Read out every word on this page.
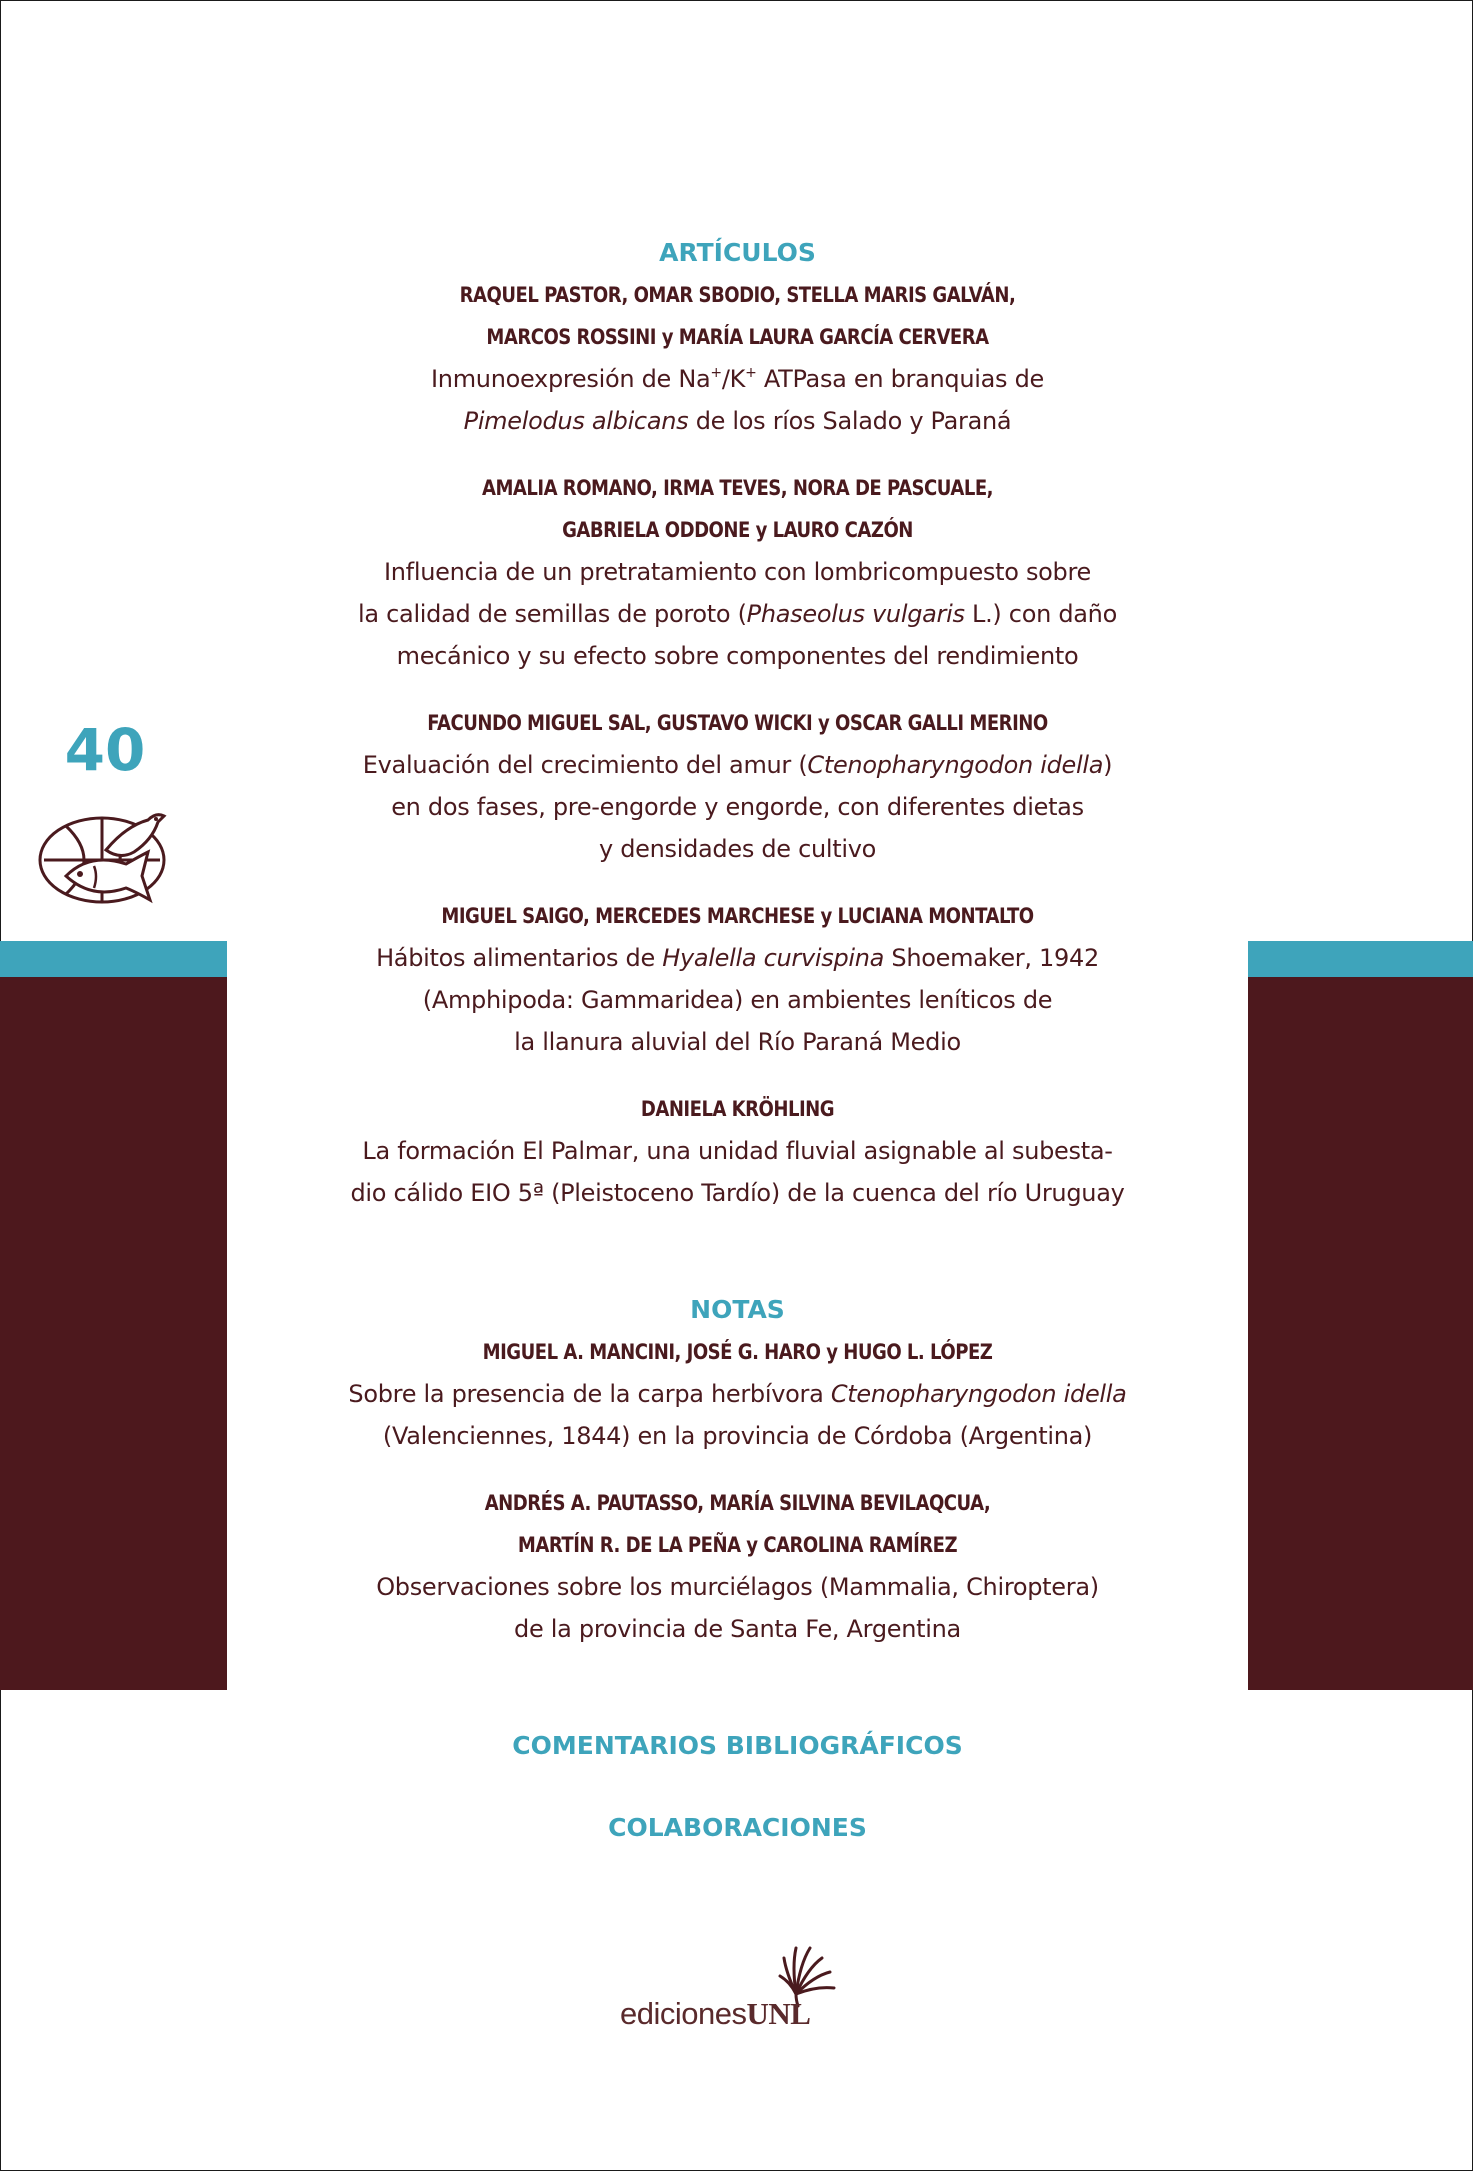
40
ARTÍCULOS
RAQUEL PASTOR, OMAR SBODIO, STELLA MARIS GALVÁN,
MARCOS ROSSINI y MARÍA LAURA GARCÍA CERVERA
Inmunoexpresión de Na+/K+ ATPasa en branquias de
Pimelodus albicans de los ríos Salado y Paraná
AMALIA ROMANO, IRMA TEVES, NORA DE PASCUALE,
GABRIELA ODDONE y LAURO CAZÓN
Influencia de un pretratamiento con lombricompuesto sobre
la calidad de semillas de poroto (Phaseolus vulgaris L.) con daño
mecánico y su efecto sobre componentes del rendimiento
FACUNDO MIGUEL SAL, GUSTAVO WICKI y OSCAR GALLI MERINO
Evaluación del crecimiento del amur (Ctenopharyngodon idella)
en dos fases, pre-engorde y engorde, con diferentes dietas
y densidades de cultivo
MIGUEL SAIGO, MERCEDES MARCHESE y LUCIANA MONTALTO
Hábitos alimentarios de Hyalella curvispina Shoemaker, 1942
(Amphipoda: Gammaridea) en ambientes leníticos de
la llanura aluvial del Río Paraná Medio
DANIELA KRÖHLING
La formación El Palmar, una unidad fluvial asignable al subesta-
dio cálido EIO 5ª (Pleistoceno Tardío) de la cuenca del río Uruguay
NOTAS
MIGUEL A. MANCINI, JOSÉ G. HARO y HUGO L. LÓPEZ
Sobre la presencia de la carpa herbívora Ctenopharyngodon idella
(Valenciennes, 1844) en la provincia de Córdoba (Argentina)
ANDRÉS A. PAUTASSO, MARÍA SILVINA BEVILAQCUA,
MARTÍN R. DE LA PEÑA y CAROLINA RAMÍREZ
Observaciones sobre los murciélagos (Mammalia, Chiroptera)
de la provincia de Santa Fe, Argentina
COMENTARIOS BIBLIOGRÁFICOS
COLABORACIONES
edicionesUNL
